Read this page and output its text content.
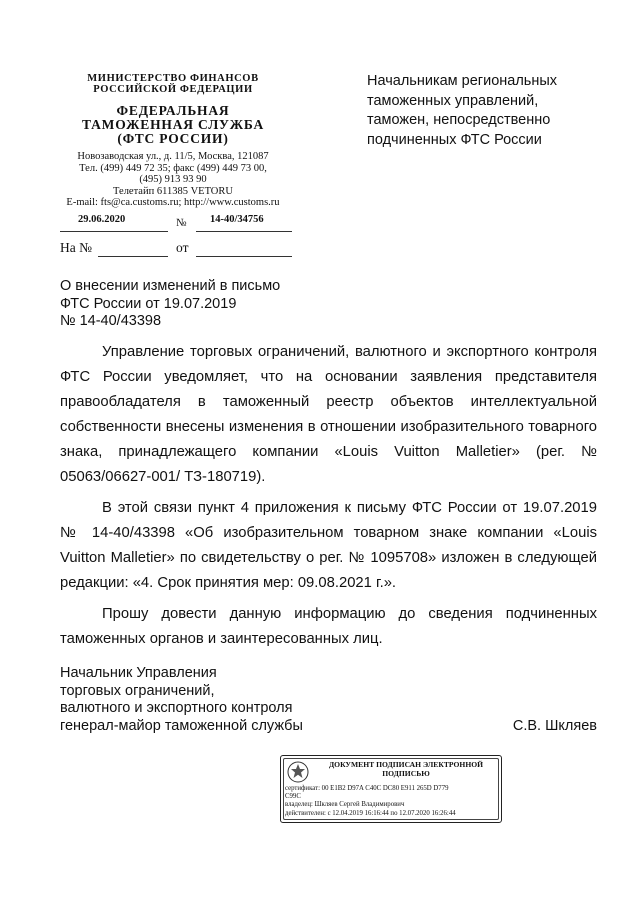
МИНИСТЕРСТВО ФИНАНСОВ
РОССИЙСКОЙ ФЕДЕРАЦИИ
ФЕДЕРАЛЬНАЯ
ТАМОЖЕННАЯ СЛУЖБА
(ФТС РОССИИ)
Новозаводская ул., д. 11/5, Москва, 121087
Тел. (499) 449 72 35; факс (499) 449 73 00,
(495) 913 93 90
Телетайп 611385 VETORU
E-mail: fts@ca.customs.ru; http://www.customs.ru
29.06.2020	№ 14-40/34756
На №	от
Начальникам региональных
таможенных управлений,
таможен, непосредственно
подчиненных ФТС России
О внесении изменений в письмо
ФТС России от 19.07.2019
№ 14-40/43398

Управление торговых ограничений, валютного и экспортного контроля ФТС России уведомляет, что на основании заявления представителя правообладателя в таможенный реестр объектов интеллектуальной собственности внесены изменения в отношении изобразительного товарного знака, принадлежащего компании «Louis Vuitton Malletier» (рег. № 05063/06627-001/ ТЗ-180719).

В этой связи пункт 4 приложения к письму ФТС России от 19.07.2019 № 14-40/43398 «Об изобразительном товарном знаке компании «Louis Vuitton Malletier» по свидетельству о рег. № 1095708» изложен в следующей редакции: «4. Срок принятия мер: 09.08.2021 г.».

Прошу довести данную информацию до сведения подчиненных таможенных органов и заинтересованных лиц.

Начальник Управления
торговых ограничений,
валютного и экспортного контроля
генерал-майор таможенной службы	С.В. Шкляев
ДОКУМЕНТ ПОДПИСАН ЭЛЕКТРОННОЙ
ПОДПИСЬЮ
сертификат: 00 E1B2 D97A C40C DC80 E911 265D D779
C99C
владелец: Шкляев Сергей Владимирович
действителен: с 12.04.2019 16:16:44 по 12.07.2020 16:26:44
